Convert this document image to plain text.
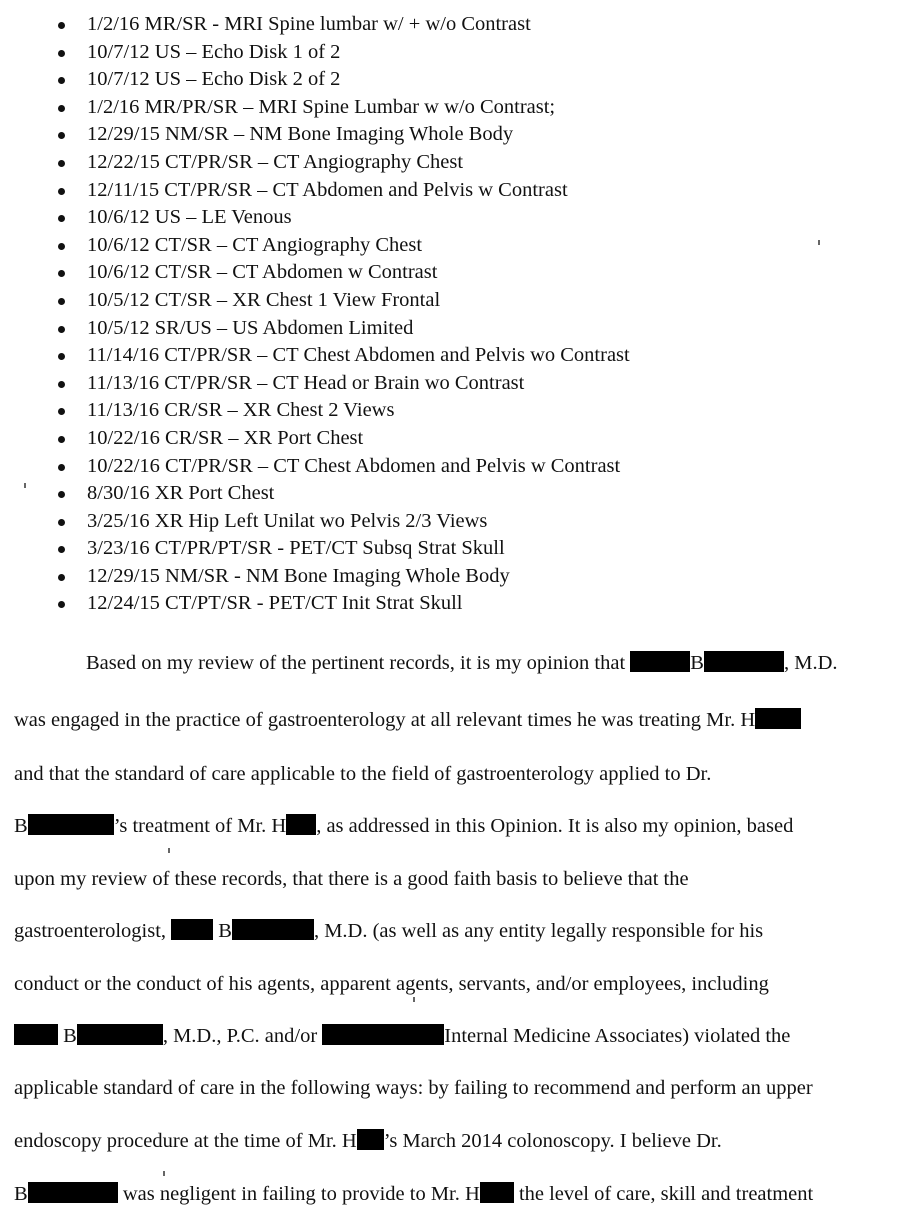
1/2/16 MR/SR - MRI Spine lumbar w/ + w/o Contrast
10/7/12 US – Echo Disk 1 of 2
10/7/12 US – Echo Disk 2 of 2
1/2/16 MR/PR/SR – MRI Spine Lumbar w w/o Contrast;
12/29/15 NM/SR – NM Bone Imaging Whole Body
12/22/15 CT/PR/SR – CT Angiography Chest
12/11/15 CT/PR/SR – CT Abdomen and Pelvis w Contrast
10/6/12 US – LE Venous
10/6/12 CT/SR – CT Angiography Chest
10/6/12 CT/SR – CT Abdomen w Contrast
10/5/12 CT/SR – XR Chest 1 View Frontal
10/5/12 SR/US – US Abdomen Limited
11/14/16 CT/PR/SR – CT Chest Abdomen and Pelvis wo Contrast
11/13/16 CT/PR/SR – CT Head or Brain wo Contrast
11/13/16 CR/SR – XR Chest 2 Views
10/22/16 CR/SR – XR Port Chest
10/22/16 CT/PR/SR – CT Chest Abdomen and Pelvis w Contrast
8/30/16 XR Port Chest
3/25/16 XR Hip Left Unilat wo Pelvis 2/3 Views
3/23/16 CT/PR/PT/SR - PET/CT Subsq Strat Skull
12/29/15 NM/SR - NM Bone Imaging Whole Body
12/24/15 CT/PT/SR - PET/CT Init Strat Skull
Based on my review of the pertinent records, it is my opinion that	B	, M.D.
was engaged in the practice of gastroenterology at all relevant times he was treating Mr. H
and that the standard of care applicable to the field of gastroenterology applied to Dr.
B	’s treatment of Mr. H , as addressed in this Opinion. It is also my opinion, based
upon my review of these records, that there is a good faith basis to believe that the
gastroenterologist,	B	, M.D. (as well as any entity legally responsible for his
conduct or the conduct of his agents, apparent agents, servants, and/or employees, including
B	, M.D., P.C. and/or	Internal Medicine Associates) violated the
applicable standard of care in the following ways: by failing to recommend and perform an upper
endoscopy procedure at the time of Mr. H ’s March 2014 colonoscopy. I believe Dr.
B	was negligent in failing to provide to Mr. H the level of care, skill and treatment
